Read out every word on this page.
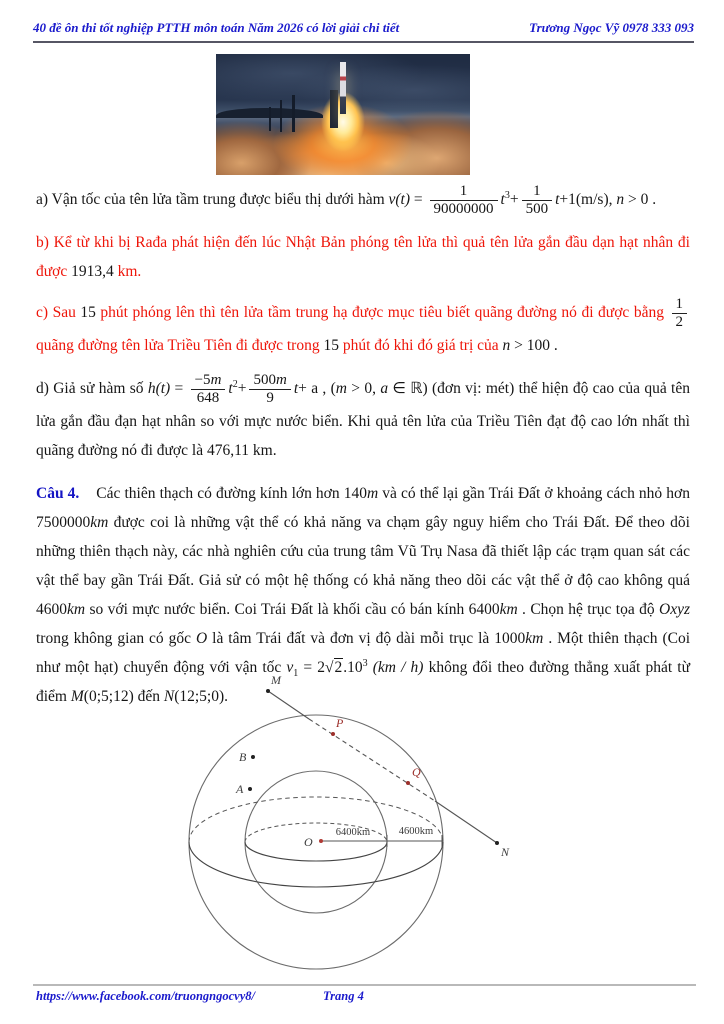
40 đề ôn thi tốt nghiệp PTTH môn toán Năm 2026 có lời giải chi tiết	Trương Ngọc Vỹ 0978 333 093

a) Vận tốc của tên lửa tầm trung được biểu thị dưới hàm $v(t) = \frac{1}{90000000} t^3+ \frac{1}{500} t+1(m/s)$, n > 0 .

b) Kể từ khi bị Rađa phát hiện đến lúc Nhật Bản phóng tên lửa thì quả tên lửa gắn đầu dạn hạt nhân đi được 1913,4 km.

c) Sau 15 phút phóng lên thì tên lửa tầm trung hạ được mục tiêu biết quãng đường nó đi được bằng $\frac{1}{2}$
quãng đường tên lửa Triều Tiên đi được trong 15 phút đó khi đó giá trị của n > 100 .

d) Giả sử hàm số $h(t) = \frac{-5m}{648} t^2+ \frac{500m}{9} t+ a$ , (m > 0, a ∈ ℝ) (đơn vị: mét) thể hiện độ cao của quả tên lửa gắn đầu đạn hạt nhân so với mực nước biển. Khi quả tên lửa của Triều Tiên đạt độ cao lớn nhất thì quãng đường nó đi được là 476,11 km.

Câu 4. Các thiên thạch có đường kính lớn hơn 140m và có thể lại gần Trái Đất ở khoảng cách nhỏ hơn 7500000km được coi là những vật thể có khả năng va chạm gây nguy hiểm cho Trái Đất. Để theo dõi những thiên thạch này, các nhà nghiên cứu của trung tâm Vũ Trụ Nasa đã thiết lập các trạm quan sát các vật thể bay gần Trái Đất. Giả sử có một hệ thống có khả năng theo dõi các vật thể ở độ cao không quá 4600km so với mực nước biển. Coi Trái Đất là khối cầu có bán kính 6400km . Chọn hệ trục tọa độ Oxyz trong không gian có gốc O là tâm Trái đất và đơn vị độ dài mỗi trục là 1000km . Một thiên thạch (Coi như một hạt) chuyển động với vận tốc $v_1 = 2√2.10^3$ (km / h) không đổi theo đường thẳng xuất phát từ điểm M(0;5;12) đến N(12;5;0).

M
N
P
Q
B
A
O
6400km	4600km
https://www.facebook.com/truongngocvy8/	Trang 4
